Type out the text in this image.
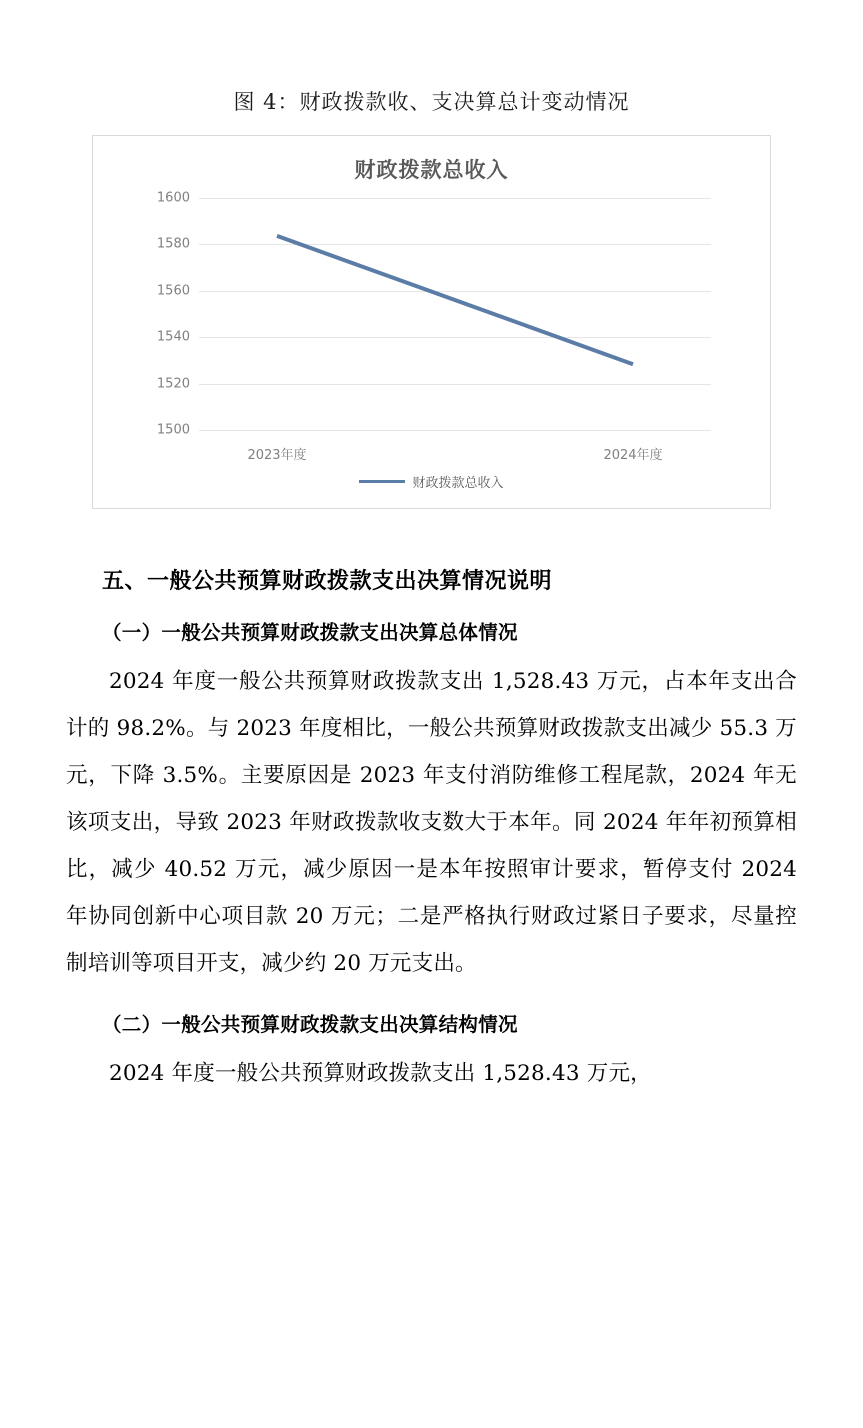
图 4：财政拨款收、支决算总计变动情况
财政拨款总收入
1600
1580
1560
1540
1520
1500
2023年度	2024年度
财政拨款总收入
五、一般公共预算财政拨款支出决算情况说明
（一）一般公共预算财政拨款支出决算总体情况
2024 年度一般公共预算财政拨款支出 1,528.43 万元，占本年支出合计的 98.2%。与 2023 年度相比，一般公共预算财政拨款支出减少 55.3 万元，下降 3.5%。主要原因是 2023 年支付消防维修工程尾款，2024 年无该项支出，导致 2023 年财政拨款收支数大于本年。同 2024 年年初预算相比，减少 40.52 万元，减少原因一是本年按照审计要求，暂停支付 2024 年协同创新中心项目款 20 万元；二是严格执行财政过紧日子要求，尽量控制培训等项目开支，减少约 20 万元支出。
（二）一般公共预算财政拨款支出决算结构情况
2024 年度一般公共预算财政拨款支出 1,528.43 万元，
